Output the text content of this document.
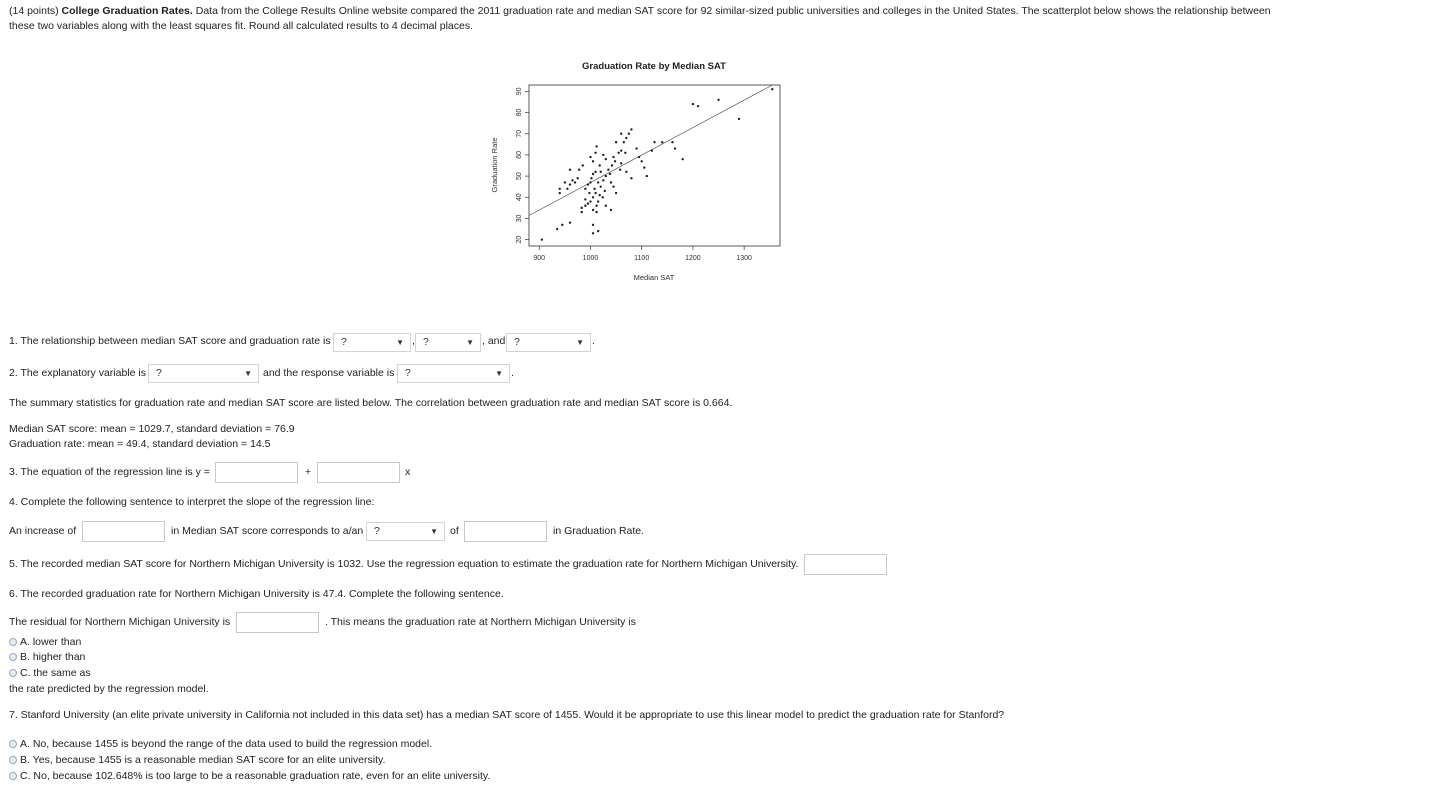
(14 points) College Graduation Rates. Data from the College Results Online website compared the 2011 graduation rate and median SAT score for 92 similar-sized public universities and colleges in the United States. The scatterplot below shows the relationship between these two variables along with the least squares fit. Round all calculated results to 4 decimal places.
Graduation Rate by Median SAT
900	1000	1100	1200	1300
20
30
40
50
60
70
80
90
Median SAT
Graduation Rate
1. The relationship between median SAT score and graduation rate is ?	▼ , ?	▼ , and ?	▼ .
2. The explanatory variable is ?	▼ and the response variable is	?	▼ .
The summary statistics for graduation rate and median SAT score are listed below. The correlation between graduation rate and median SAT score is 0.664.
Median SAT score: mean = 1029.7, standard deviation = 76.9
Graduation rate: mean = 49.4, standard deviation = 14.5
3. The equation of the regression line is y =	+	x
4. Complete the following sentence to interpret the slope of the regression line:
An increase of	in Median SAT score corresponds to a/an	?	▼ of	in Graduation Rate.
5. The recorded median SAT score for Northern Michigan University is 1032. Use the regression equation to estimate the graduation rate for Northern Michigan University.
6. The recorded graduation rate for Northern Michigan University is 47.4. Complete the following sentence.
The residual for Northern Michigan University is	. This means the graduation rate at Northern Michigan University is
A. lower than
B. higher than
C. the same as
the rate predicted by the regression model.
7. Stanford University (an elite private university in California not included in this data set) has a median SAT score of 1455. Would it be appropriate to use this linear model to predict the graduation rate for Stanford?
A. No, because 1455 is beyond the range of the data used to build the regression model.
B. Yes, because 1455 is a reasonable median SAT score for an elite university.
C. No, because 102.648% is too large to be a reasonable graduation rate, even for an elite university.
